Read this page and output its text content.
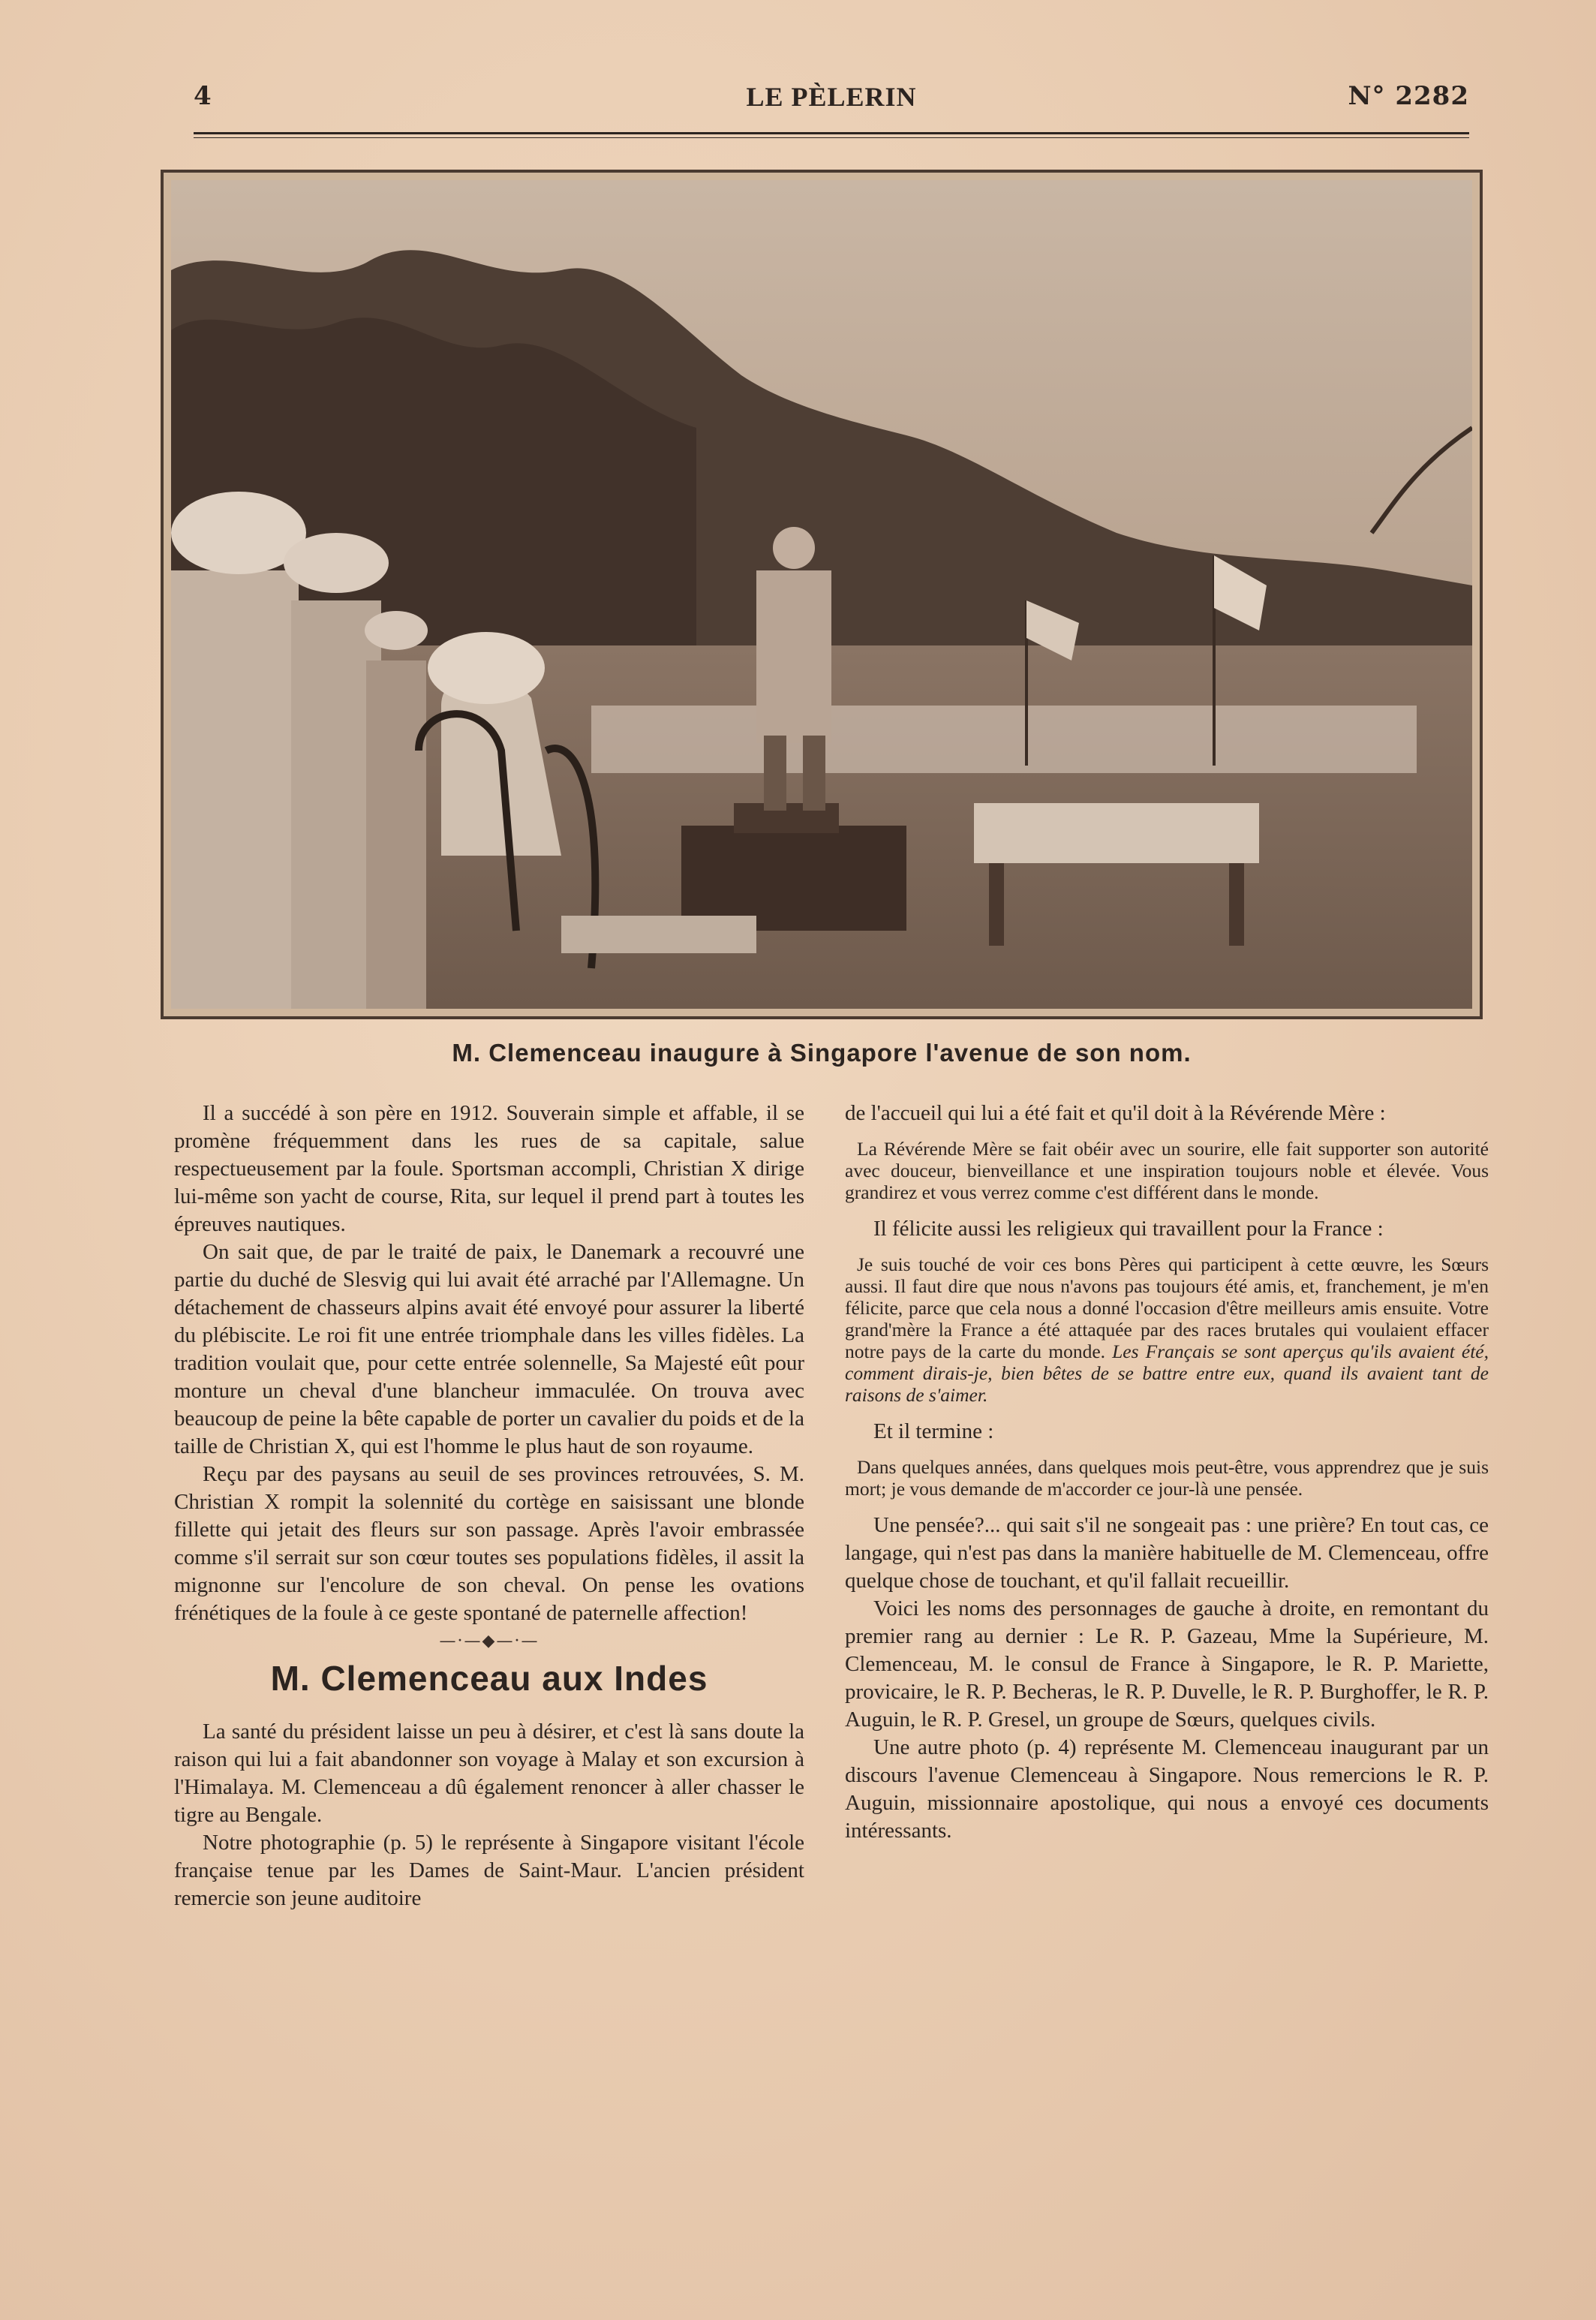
4	LE PÈLERIN	N° 2282
M. Clemenceau inaugure à Singapore l'avenue de son nom.

Il a succédé à son père en 1912. Souverain simple et affable, il se promène fréquemment dans les rues de sa capitale, salue respectueusement par la foule. Sportsman accompli, Christian X dirige lui-même son yacht de course, Rita, sur lequel il prend part à toutes les épreuves nautiques.

On sait que, de par le traité de paix, le Danemark a recouvré une partie du duché de Slesvig qui lui avait été arraché par l'Allemagne. Un détachement de chasseurs alpins avait été envoyé pour assurer la liberté du plébiscite. Le roi fit une entrée triomphale dans les villes fidèles. La tradition voulait que, pour cette entrée solennelle, Sa Majesté eût pour monture un cheval d'une blancheur immaculée. On trouva avec beaucoup de peine la bête capable de porter un cavalier du poids et de la taille de Christian X, qui est l'homme le plus haut de son royaume.

Reçu par des paysans au seuil de ses provinces retrouvées, S. M. Christian X rompit la solennité du cortège en saisissant une blonde fillette qui jetait des fleurs sur son passage. Après l'avoir embrassée comme s'il serrait sur son cœur toutes ses populations fidèles, il assit la mignonne sur l'encolure de son cheval. On pense les ovations frénétiques de la foule à ce geste spontané de paternelle affection!

—·—◆—·—
M. Clemenceau aux Indes

La santé du président laisse un peu à désirer, et c'est là sans doute la raison qui lui a fait abandonner son voyage à Malay et son excursion à l'Himalaya. M. Clemenceau a dû également renoncer à aller chasser le tigre au Bengale.

Notre photographie (p. 5) le représente à Singapore visitant l'école française tenue par les Dames de Saint-Maur. L'ancien président remercie son jeune auditoire

de l'accueil qui lui a été fait et qu'il doit à la Révérende Mère :

La Révérende Mère se fait obéir avec un sourire, elle fait supporter son autorité avec douceur, bienveillance et une inspiration toujours noble et élevée. Vous grandirez et vous verrez comme c'est différent dans le monde.

Il félicite aussi les religieux qui travaillent pour la France :

Je suis touché de voir ces bons Pères qui participent à cette œuvre, les Sœurs aussi. Il faut dire que nous n'avons pas toujours été amis, et, franchement, je m'en félicite, parce que cela nous a donné l'occasion d'être meilleurs amis ensuite. Votre grand'mère la France a été attaquée par des races brutales qui voulaient effacer notre pays de la carte du monde. Les Français se sont aperçus qu'ils avaient été, comment dirais-je, bien bêtes de se battre entre eux, quand ils avaient tant de raisons de s'aimer.

Et il termine :

Dans quelques années, dans quelques mois peut-être, vous apprendrez que je suis mort; je vous demande de m'accorder ce jour-là une pensée.

Une pensée?... qui sait s'il ne songeait pas : une prière? En tout cas, ce langage, qui n'est pas dans la manière habituelle de M. Clemenceau, offre quelque chose de touchant, et qu'il fallait recueillir.

Voici les noms des personnages de gauche à droite, en remontant du premier rang au dernier : Le R. P. Gazeau, Mme la Supérieure, M. Clemenceau, M. le consul de France à Singapore, le R. P. Mariette, provicaire, le R. P. Becheras, le R. P. Duvelle, le R. P. Burghoffer, le R. P. Auguin, le R. P. Gresel, un groupe de Sœurs, quelques civils.

Une autre photo (p. 4) représente M. Clemenceau inaugurant par un discours l'avenue Clemenceau à Singapore. Nous remercions le R. P. Auguin, missionnaire apostolique, qui nous a envoyé ces documents intéressants.
